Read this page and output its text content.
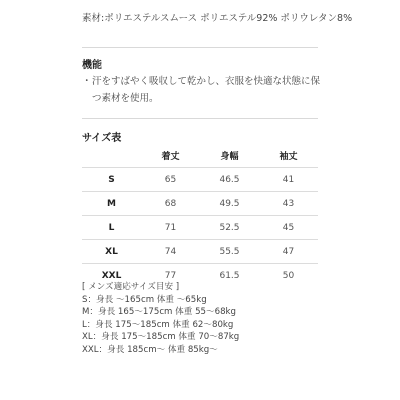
素材:ポリエステルスムース ポリエステル92% ポリウレタン8%
機能
・ 汗をすばやく吸収して乾かし、衣服を快適な状態に保つ素材を使用。
サイズ表
	着丈	身幅	袖丈
S	65	46.5	41
M	68	49.5	43
L	71	52.5	45
XL	74	55.5	47
XXL	77	61.5	50
[ メンズ適応サイズ目安 ]
S：身長 ～165cm 体重 ～65kg
M：身長 165～175cm 体重 55～68kg
L：身長 175～185cm 体重 62～80kg
XL：身長 175～185cm 体重 70～87kg
XXL：身長 185cm～ 体重 85kg～
